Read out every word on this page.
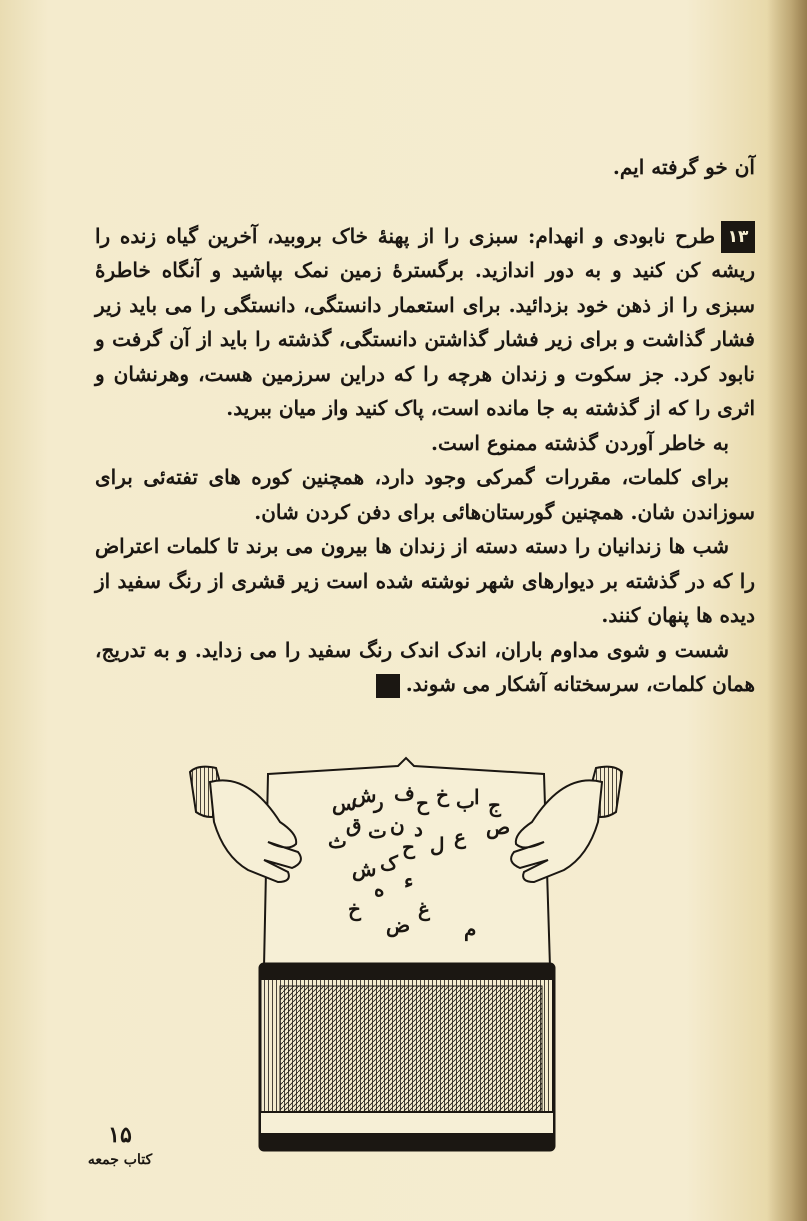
آن خو گرفته ایم.

۱۳طرح نابودی و انهدام: سبزی را از پهنهٔ خاک بروبید، آخرین گیاه زنده را ریشه کن کنید و به دور اندازید. برگسترهٔ زمین نمک بپاشید و آنگاه خاطرهٔ سبزی را از ذهن خود بزدائید. برای استعمار دانستگی، دانستگی را می باید زیر فشار گذاشت و برای زیر فشار گذاشتن دانستگی، گذشته را باید از آن گرفت و نابود کرد. جز سکوت و زندان هرچه را که دراین سرزمین هست، وهرنشان و اثری را که از گذشته به جا مانده است، پاک کنید واز میان ببرید.

به خاطر آوردن گذشته ممنوع است.

برای کلمات، مقررات گمرکی وجود دارد، همچنین کوره های تفته‌ئی برای سوزاندن شان. همچنین گورستان‌هائی برای دفن کردن شان.

شب ها زندانیان را دسته دسته از زندان ها بیرون می برند تا کلمات اعتراض را که در گذشته بر دیوارهای شهر نوشته شده است زیر قشری از رنگ سفید از دیده ها پنهان کنند.

شست و شوی مداوم باران، اندک اندک رنگ سفید را می زداید. و به تدریج، همان کلمات، سرسختانه آشکار می شوند.

ج
ا
ب
خ
ح
ف
ر
ش
س
د
ن
ت
ق	ص
ع
ل
ح
ث
ک
ش ء
ه
خ	غ
ض	م
۱۵
کتاب جمعه
